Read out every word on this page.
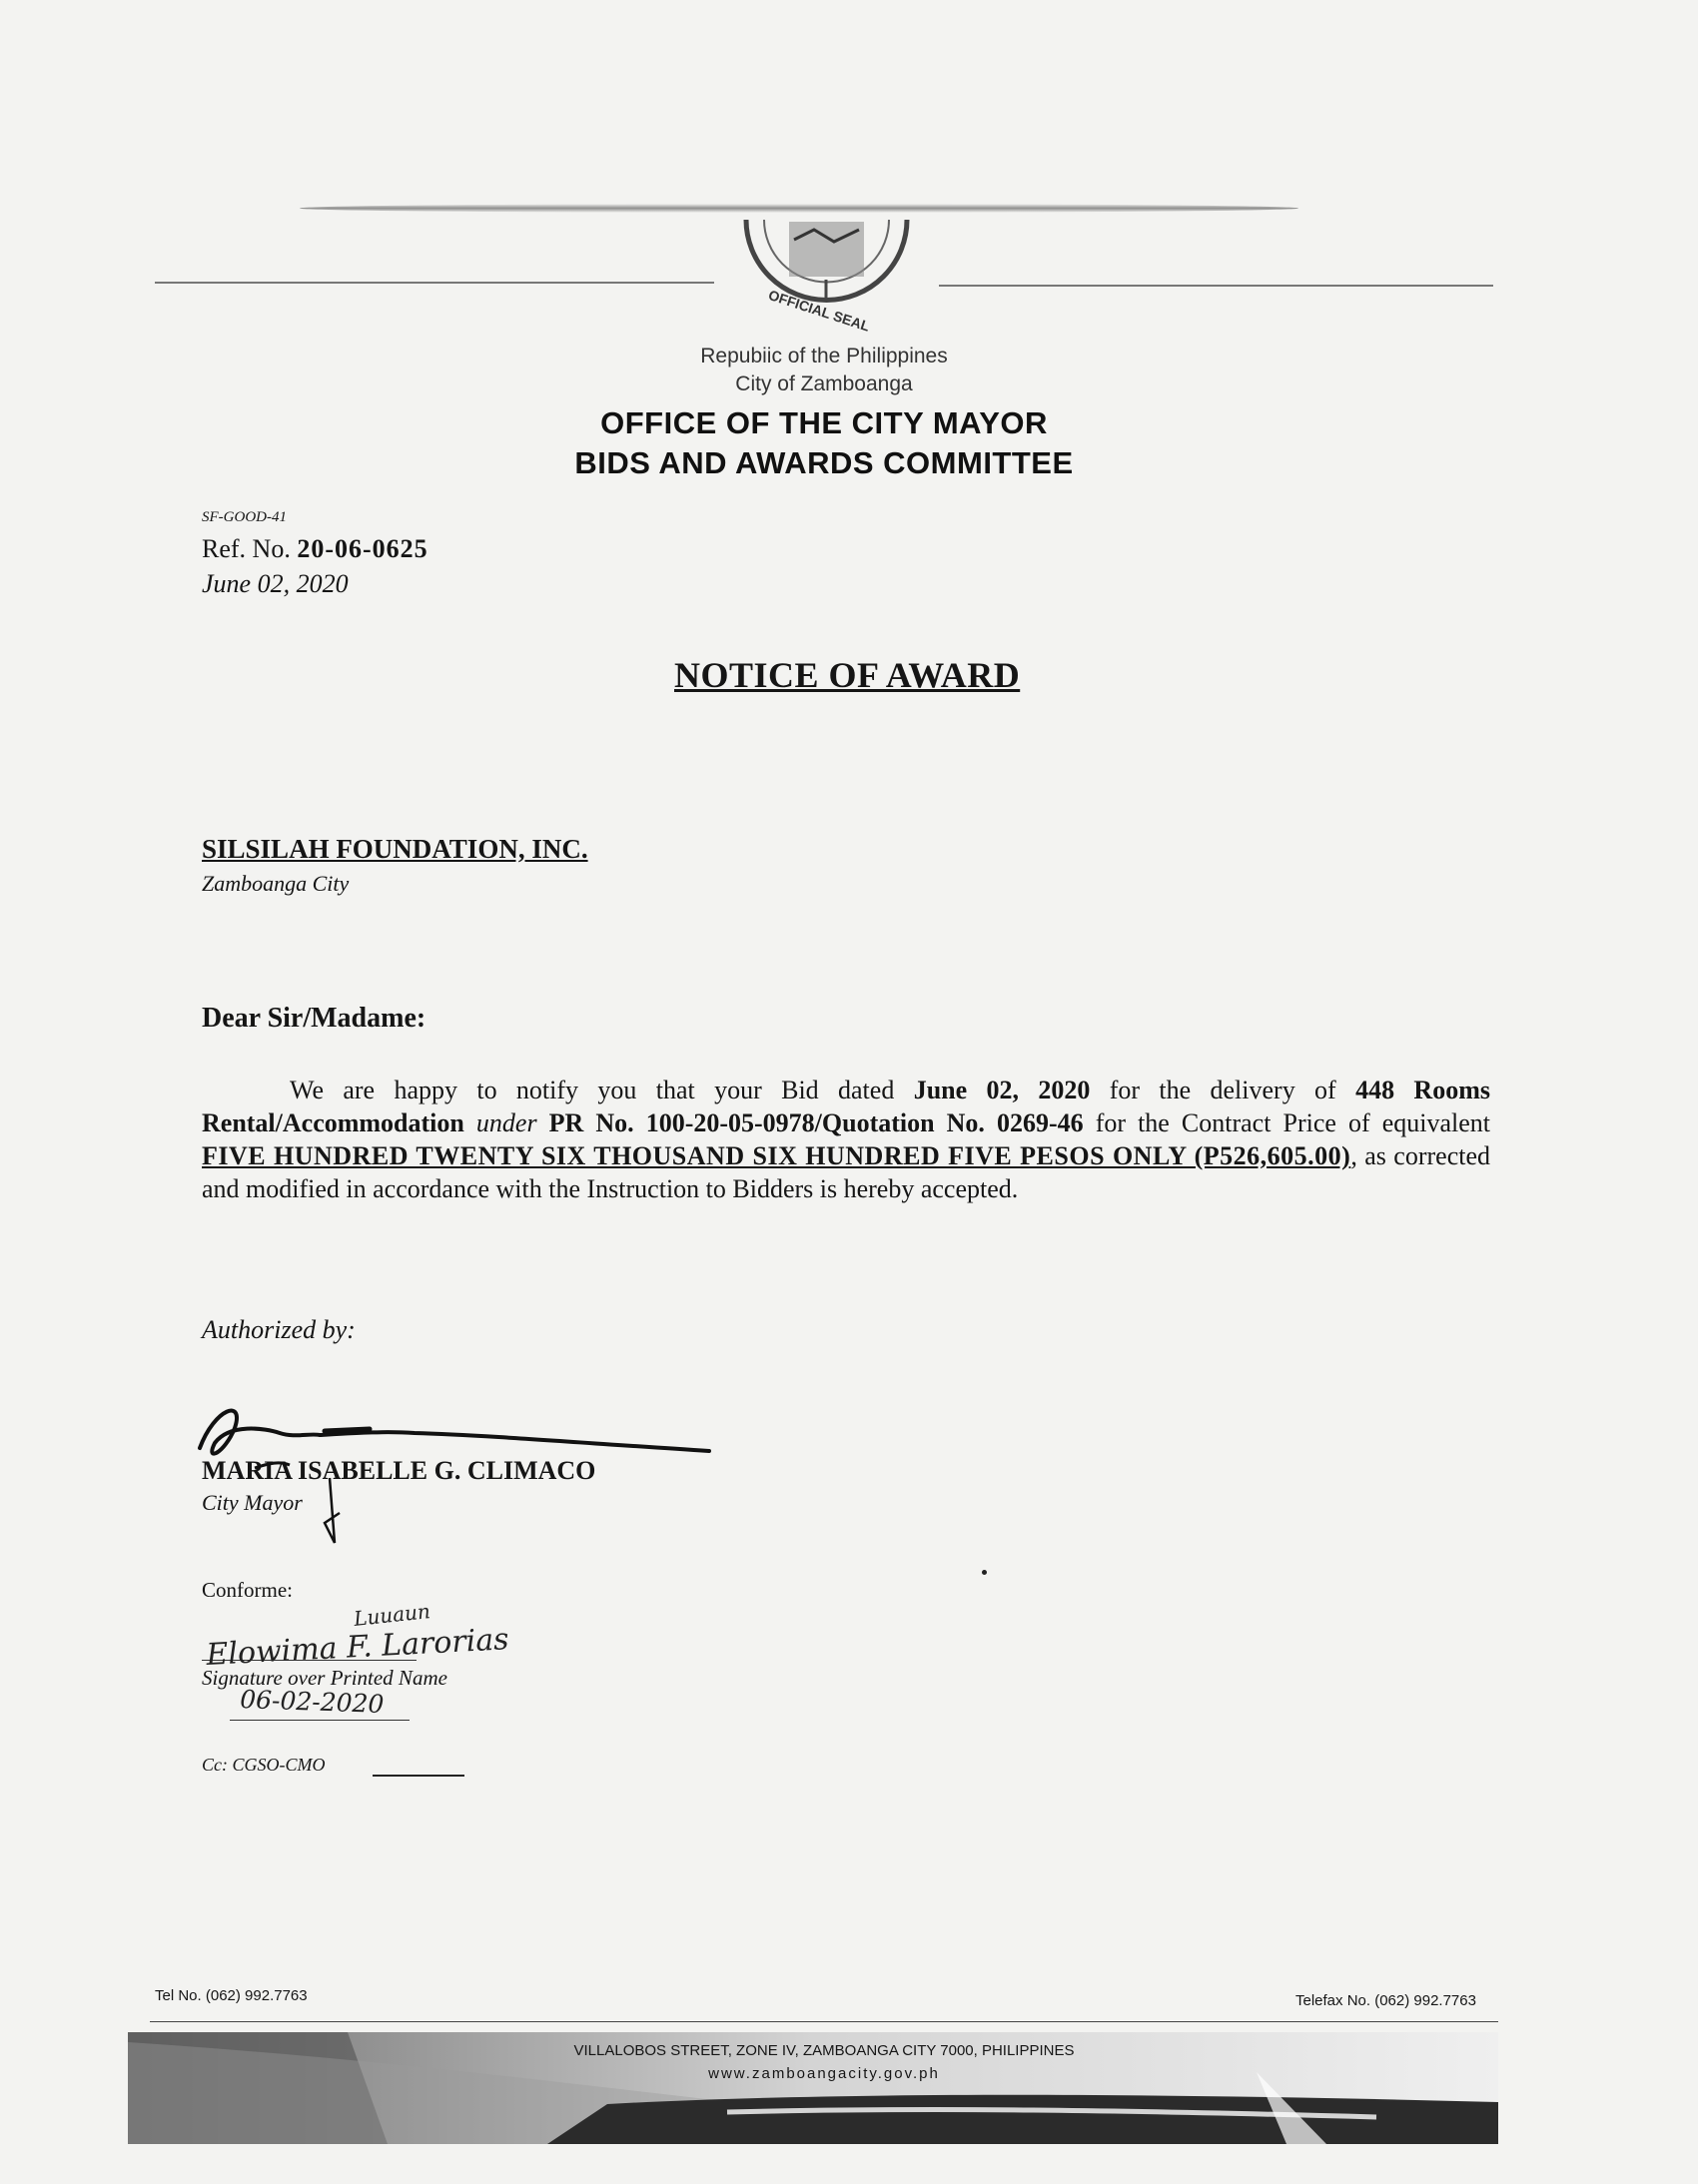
OFFICIAL SEAL
Repubiic of the Philippines
City of Zamboanga
OFFICE OF THE CITY MAYOR
BIDS AND AWARDS COMMITTEE
SF-GOOD-41
Ref. No. 20-06-0625
June 02, 2020
NOTICE OF AWARD
SILSILAH FOUNDATION, INC.
Zamboanga City
Dear Sir/Madame:
We are happy to notify you that your Bid dated June 02, 2020 for the delivery of 448 Rooms Rental/Accommodation under PR No. 100-20-05-0978/Quotation No. 0269-46 for the Contract Price of equivalent FIVE HUNDRED TWENTY SIX THOUSAND SIX HUNDRED FIVE PESOS ONLY (P526,605.00), as corrected and modified in accordance with the Instruction to Bidders is hereby accepted.
Authorized by:
MARIA ISABELLE G. CLIMACO
City Mayor
Conforme:
Signature over Printed Name
Luuaun
Elowima F. Larorias
06-02-2020
Cc: CGSO-CMO
Tel No. (062) 992.7763	Telefax No. (062) 992.7763
VILLALOBOS STREET, ZONE IV, ZAMBOANGA CITY 7000, PHILIPPINES
www.zamboangacity.gov.ph
